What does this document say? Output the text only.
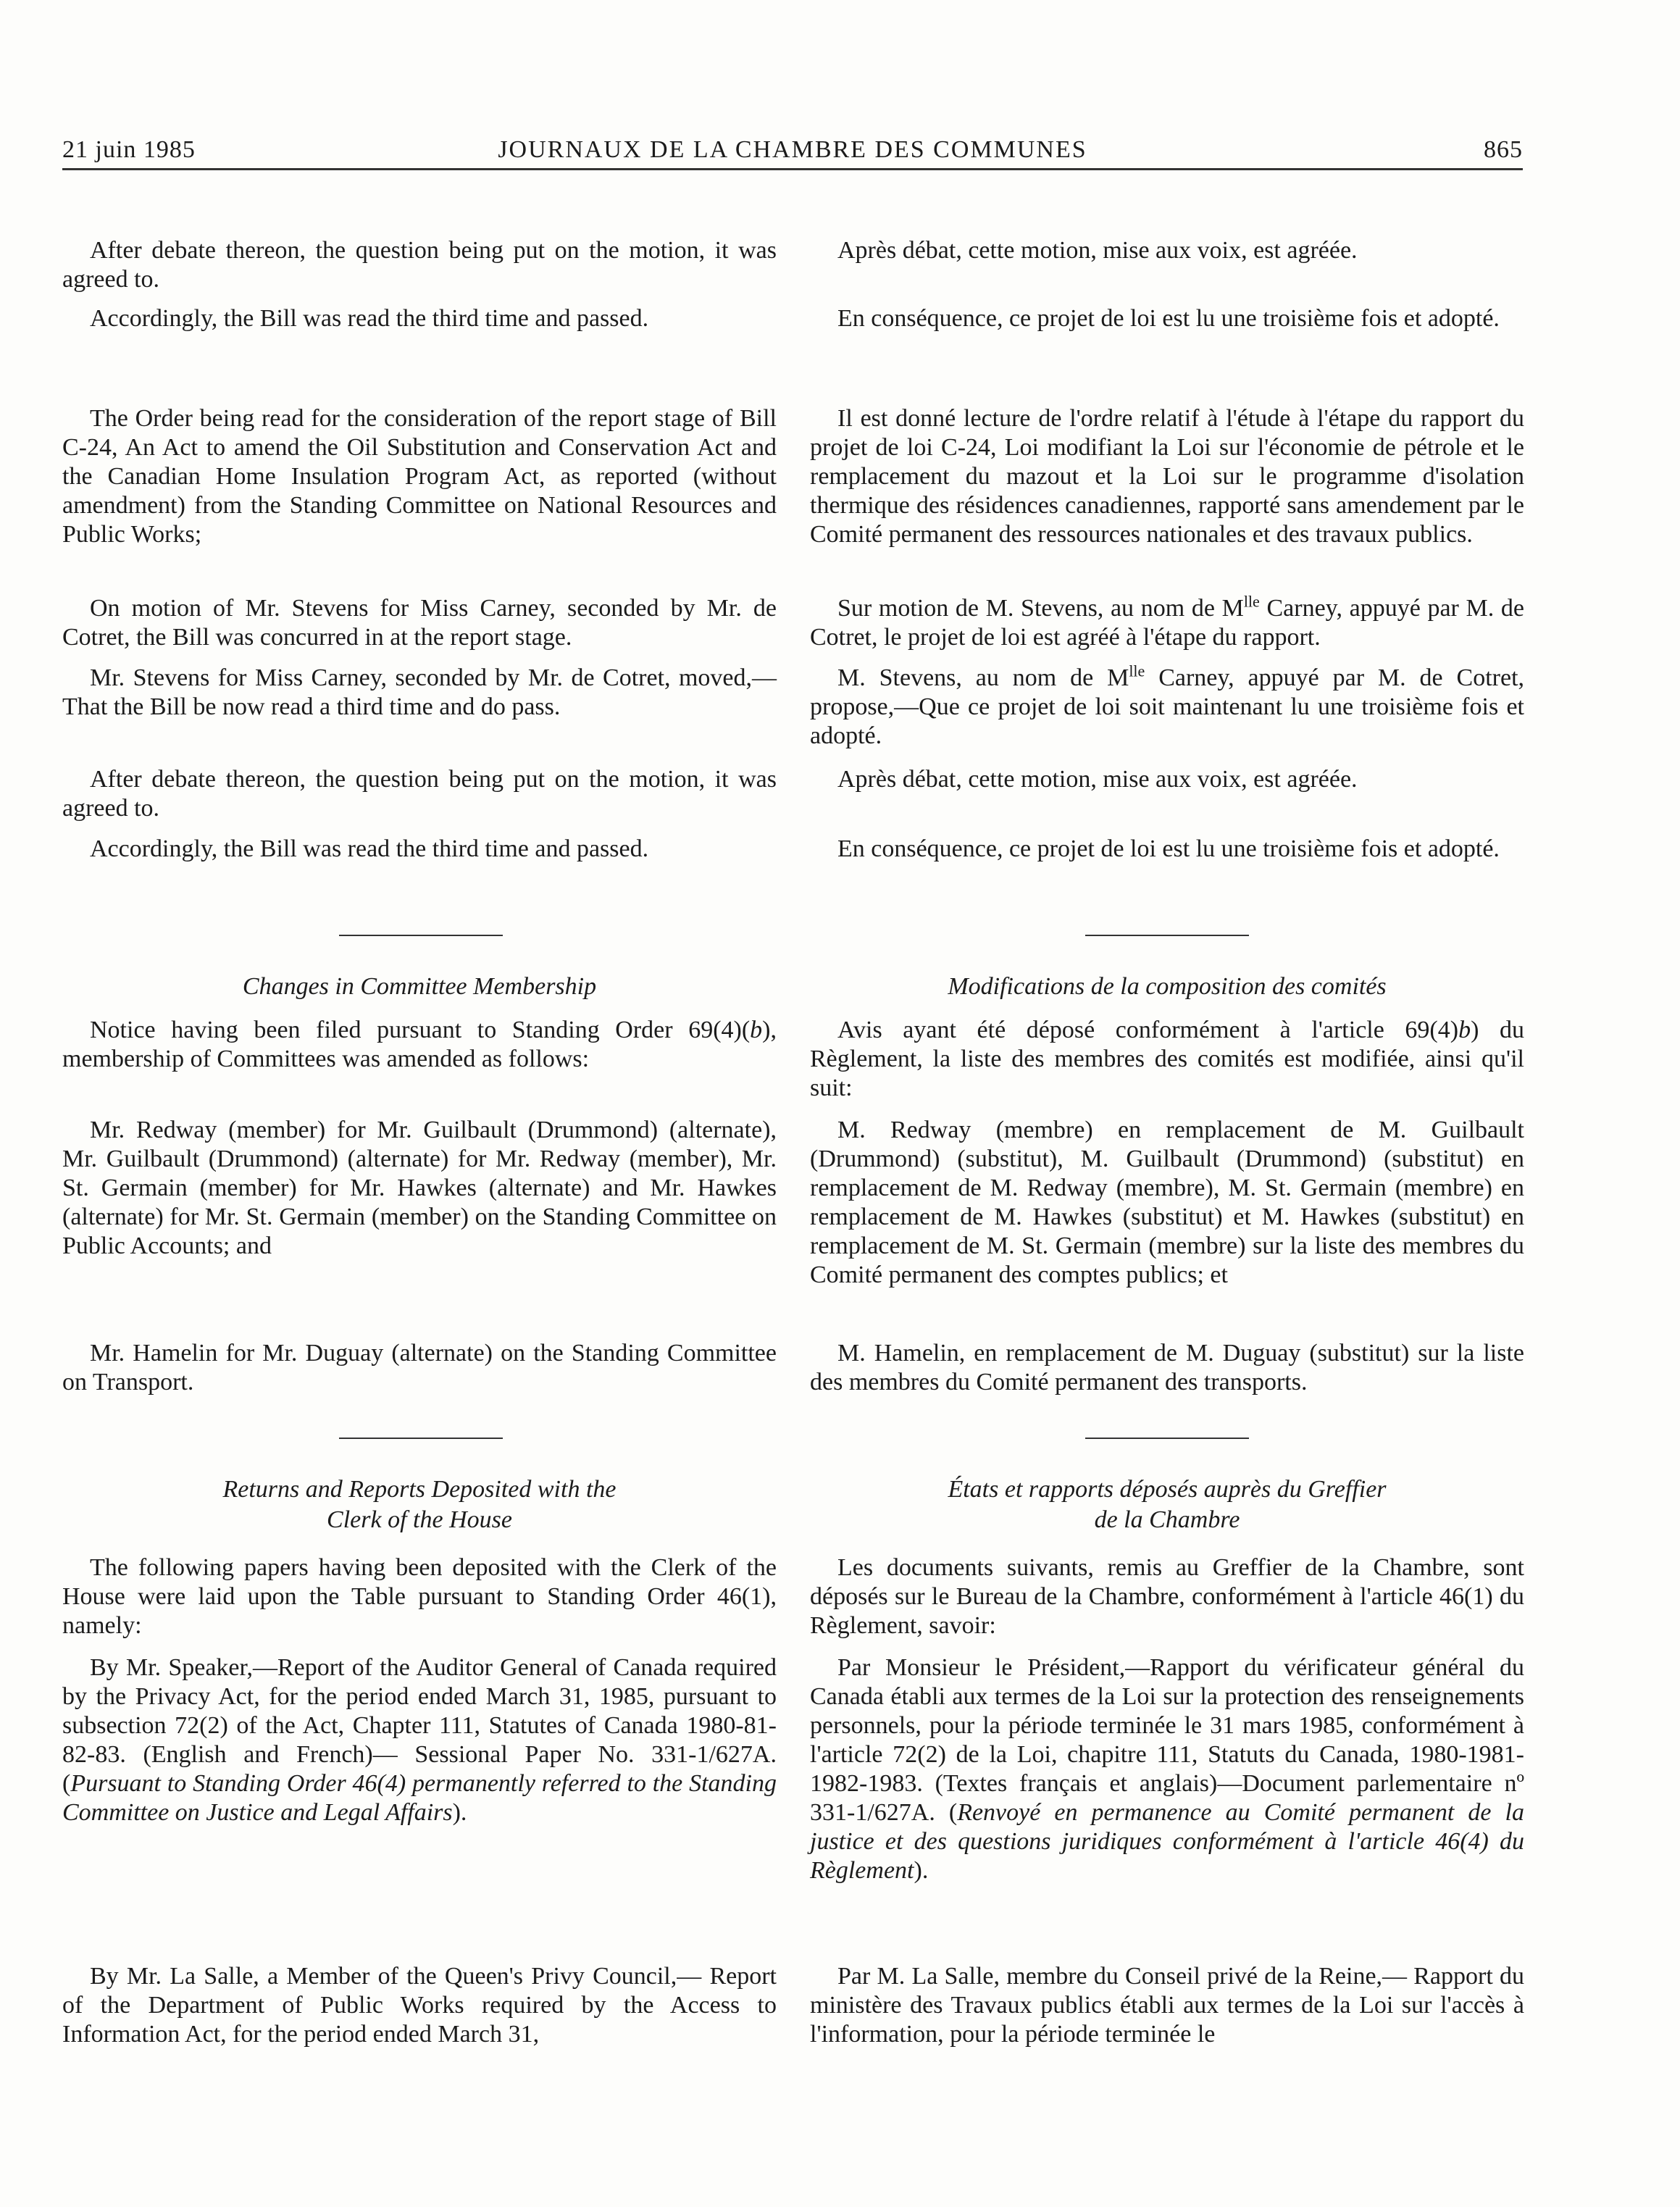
21 juin 1985	JOURNAUX DE LA CHAMBRE DES COMMUNES	865

After debate thereon, the question being put on the motion, it was agreed to.

Accordingly, the Bill was read the third time and passed.

The Order being read for the consideration of the report stage of Bill C-24, An Act to amend the Oil Substitution and Conservation Act and the Canadian Home Insulation Program Act, as reported (without amendment) from the Standing Committee on National Resources and Public Works;

On motion of Mr. Stevens for Miss Carney, seconded by Mr. de Cotret, the Bill was concurred in at the report stage.

Mr. Stevens for Miss Carney, seconded by Mr. de Cotret, moved,—That the Bill be now read a third time and do pass.

After debate thereon, the question being put on the motion, it was agreed to.

Accordingly, the Bill was read the third time and passed.

Changes in Committee Membership

Notice having been filed pursuant to Standing Order 69(4)(b), membership of Committees was amended as follows:

Mr. Redway (member) for Mr. Guilbault (Drummond) (alternate), Mr. Guilbault (Drummond) (alternate) for Mr. Redway (member), Mr. St. Germain (member) for Mr. Hawkes (alternate) and Mr. Hawkes (alternate) for Mr. St. Germain (member) on the Standing Committee on Public Accounts; and

Mr. Hamelin for Mr. Duguay (alternate) on the Standing Committee on Transport.

Returns and Reports Deposited with the

Clerk of the House

The following papers having been deposited with the Clerk of the House were laid upon the Table pursuant to Standing Order 46(1), namely:

By Mr. Speaker,—Report of the Auditor General of Canada required by the Privacy Act, for the period ended March 31, 1985, pursuant to subsection 72(2) of the Act, Chapter 111, Statutes of Canada 1980-81-82-83. (English and French)— Sessional Paper No. 331-1/627A. (Pursuant to Standing Order 46(4) permanently referred to the Standing Committee on Justice and Legal Affairs).

By Mr. La Salle, a Member of the Queen's Privy Council,— Report of the Department of Public Works required by the Access to Information Act, for the period ended March 31,

Après débat, cette motion, mise aux voix, est agréée.

En conséquence, ce projet de loi est lu une troisième fois et adopté.

Il est donné lecture de l'ordre relatif à l'étude à l'étape du rapport du projet de loi C-24, Loi modifiant la Loi sur l'économie de pétrole et le remplacement du mazout et la Loi sur le programme d'isolation thermique des résidences canadiennes, rapporté sans amendement par le Comité permanent des ressources nationales et des travaux publics.

Sur motion de M. Stevens, au nom de $M^{lle}$ Carney, appuyé par M. de Cotret, le projet de loi est agréé à l'étape du rapport.

M. Stevens, au nom de $M^{lle}$ Carney, appuyé par M. de Cotret, propose,—Que ce projet de loi soit maintenant lu une troisième fois et adopté.

Après débat, cette motion, mise aux voix, est agréée.

En conséquence, ce projet de loi est lu une troisième fois et adopté.

Modifications de la composition des comités

Avis ayant été déposé conformément à l'article 69(4)b) du Règlement, la liste des membres des comités est modifiée, ainsi qu'il suit:

M. Redway (membre) en remplacement de M. Guilbault (Drummond) (substitut), M. Guilbault (Drummond) (substitut) en remplacement de M. Redway (membre), M. St. Germain (membre) en remplacement de M. Hawkes (substitut) et M. Hawkes (substitut) en remplacement de M. St. Germain (membre) sur la liste des membres du Comité permanent des comptes publics; et

M. Hamelin, en remplacement de M. Duguay (substitut) sur la liste des membres du Comité permanent des transports.

États et rapports déposés auprès du Greffier

de la Chambre

Les documents suivants, remis au Greffier de la Chambre, sont déposés sur le Bureau de la Chambre, conformément à l'article 46(1) du Règlement, savoir:

Par Monsieur le Président,—Rapport du vérificateur général du Canada établi aux termes de la Loi sur la protection des renseignements personnels, pour la période terminée le 31 mars 1985, conformément à l'article 72(2) de la Loi, chapitre 111, Statuts du Canada, 1980-1981-1982-1983. (Textes français et anglais)—Document parlementaire nº 331-1/627A. (Renvoyé en permanence au Comité permanent de la justice et des questions juridiques conformément à l'article 46(4) du Règlement).

Par M. La Salle, membre du Conseil privé de la Reine,— Rapport du ministère des Travaux publics établi aux termes de la Loi sur l'accès à l'information, pour la période terminée le
